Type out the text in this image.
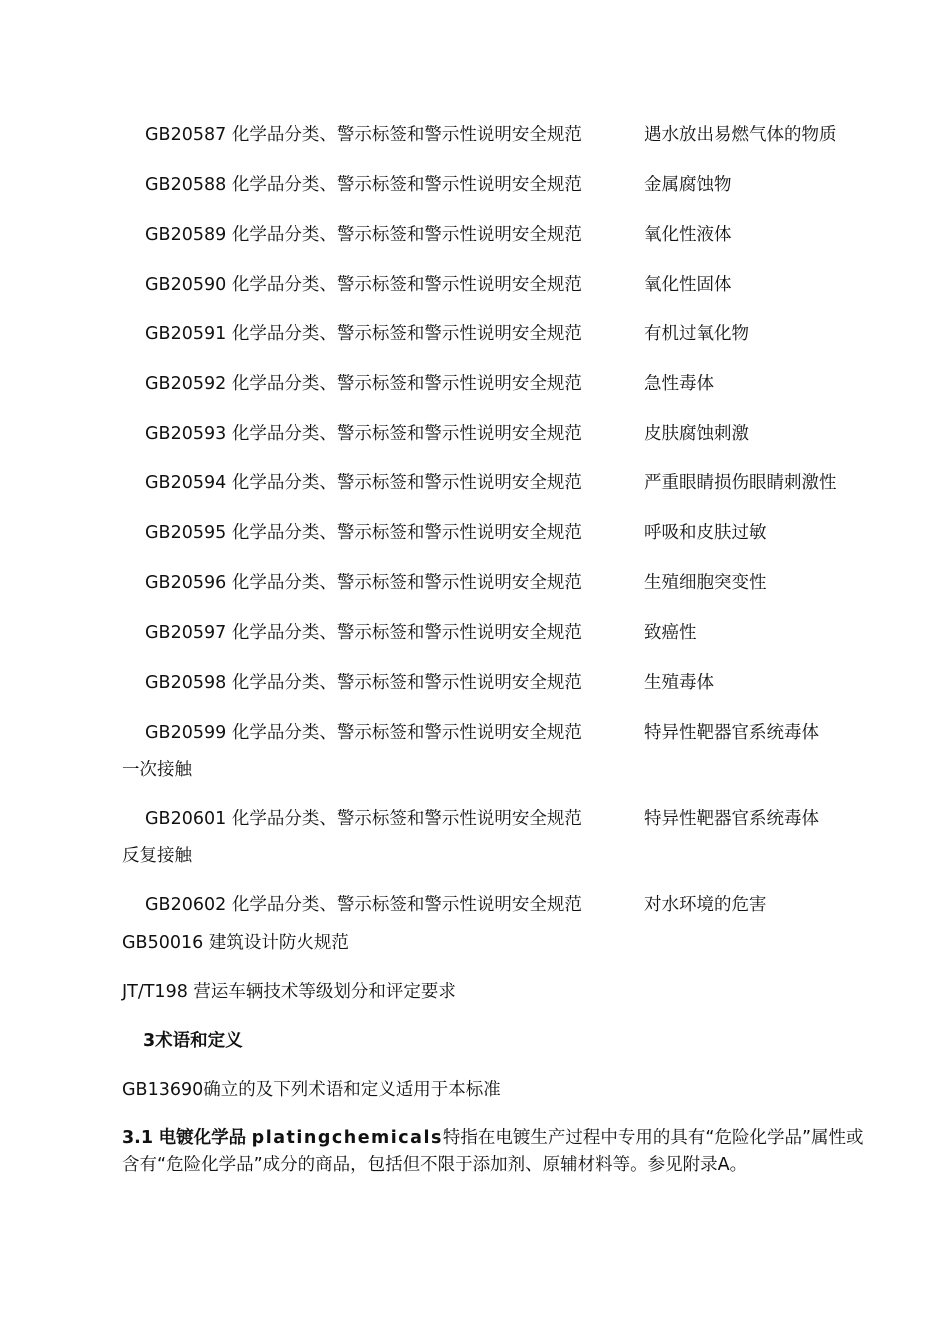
GB20587 化学品分类、警示标签和警示性说明安全规范	遇水放出易燃气体的物质
GB20588 化学品分类、警示标签和警示性说明安全规范	金属腐蚀物
GB20589 化学品分类、警示标签和警示性说明安全规范	氧化性液体
GB20590 化学品分类、警示标签和警示性说明安全规范	氧化性固体
GB20591 化学品分类、警示标签和警示性说明安全规范	有机过氧化物
GB20592 化学品分类、警示标签和警示性说明安全规范	急性毒体
GB20593 化学品分类、警示标签和警示性说明安全规范	皮肤腐蚀刺激
GB20594 化学品分类、警示标签和警示性说明安全规范	严重眼睛损伤眼睛刺激性
GB20595 化学品分类、警示标签和警示性说明安全规范	呼吸和皮肤过敏
GB20596 化学品分类、警示标签和警示性说明安全规范	生殖细胞突变性
GB20597 化学品分类、警示标签和警示性说明安全规范	致癌性
GB20598 化学品分类、警示标签和警示性说明安全规范	生殖毒体
GB20599 化学品分类、警示标签和警示性说明安全规范	特异性靶器官系统毒体
一次接触
GB20601 化学品分类、警示标签和警示性说明安全规范	特异性靶器官系统毒体
反复接触
GB20602 化学品分类、警示标签和警示性说明安全规范	对水环境的危害
GB50016 建筑设计防火规范
JT/T198 营运车辆技术等级划分和评定要求
3术语和定义
GB13690确立的及下列术语和定义适用于本标准
3.1 电镀化学品 platingchemicals特指在电镀生产过程中专用的具有“危险化学品”属性或含有“危险化学品”成分的商品，包括但不限于添加剂、原辅材料等。参见附录A。
